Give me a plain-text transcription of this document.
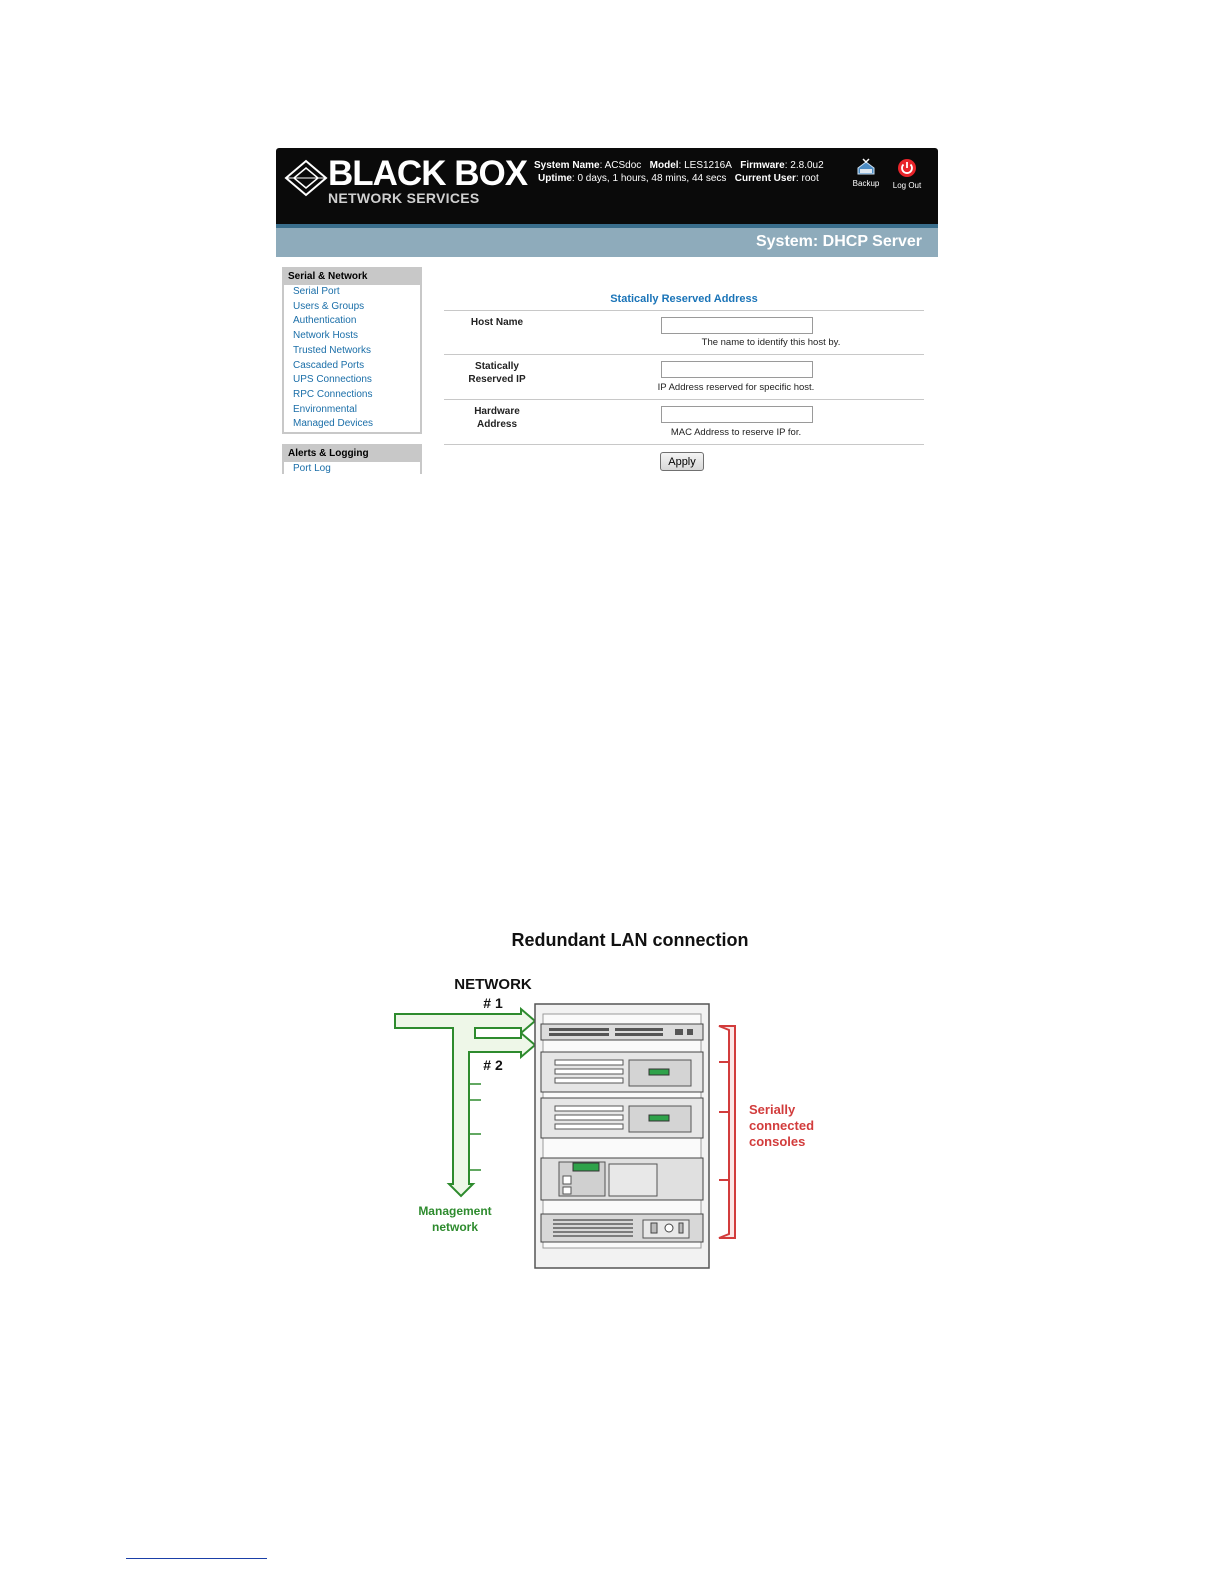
BLACK BOX
NETWORK SERVICES
System Name: ACSdoc Model: LES1216A Firmware: 2.8.0u2
Uptime: 0 days, 1 hours, 48 mins, 44 secs Current User: root	Backup	Log Out
System: DHCP Server
Serial & Network
Serial Port
Users & Groups
Authentication
Network Hosts
Trusted Networks
Cascaded Ports
UPS Connections
RPC Connections
Environmental
Managed Devices
Alerts & Logging
Port Log
Statically Reserved Address
Host Name
The name to identify this host by.
Statically
Reserved IP
IP Address reserved for specific host.
Hardware
Address
MAC Address to reserve IP for.
Apply
Redundant LAN connection
NETWORK
# 1
# 2
Management
network
Serially
connected
consoles
